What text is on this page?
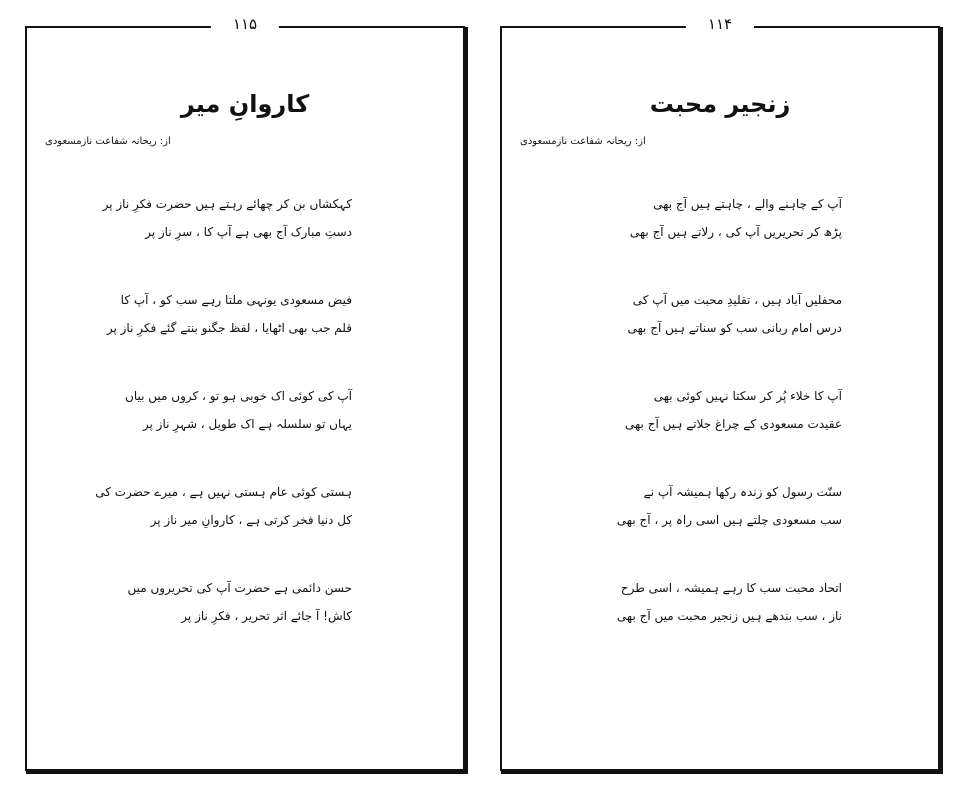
۱۱۵
کاروانِ میر
از: ریحانہ شفاعت نازمسعودی
کہکشاں بن کر چھائے رہتے ہیں حضرت فکرِ ناز پر
دستِ مبارک آج بھی ہے آپ کا ، سرِ ناز پر
فیض مسعودی یونہی ملتا رہے سب کو ، آپ کا
قلم جب بھی اٹھایا ، لفظ جگنو بنتے گئے فکرِ ناز پر
آپ کی کوئی اک خوبی ہو تو ، کروں میں بیاں
یہاں تو سلسلہ ہے اک طویل ، شہرِ ناز پر
ہستی کوئی عام ہستی نہیں ہے ، میرے حضرت کی
کل دنیا فخر کرتی ہے ، کاروانِ میر ناز پر
حسن دائمی ہے حضرت آپ کی تحریروں میں
کاش! آ جائے اثر تحریر ، فکرِ ناز پر
۱۱۴
زنجیر محبت
از: ریحانہ شفاعت نازمسعودی
آپ کے چاہنے والے ، چاہتے ہیں آج بھی
پڑھ کر تحریریں آپ کی ، رلاتے ہیں آج بھی
محفلیں آباد ہیں ، تقلیدِ محبت میں آپ کی
درس امام ربانی سب کو سناتے ہیں آج بھی
آپ کا خلاء پُر کر سکتا نہیں کوئی بھی
عقیدت مسعودی کے چراغ جلاتے ہیں آج بھی
سنّت رسول کو زندہ رکھا ہمیشہ آپ نے
سب مسعودی چلتے ہیں اسی راہ پر ، آج بھی
اتحاد محبت سب کا رہے ہمیشہ ، اسی طرح
ناز ، سب بندھے ہیں زنجیر محبت میں آج بھی
